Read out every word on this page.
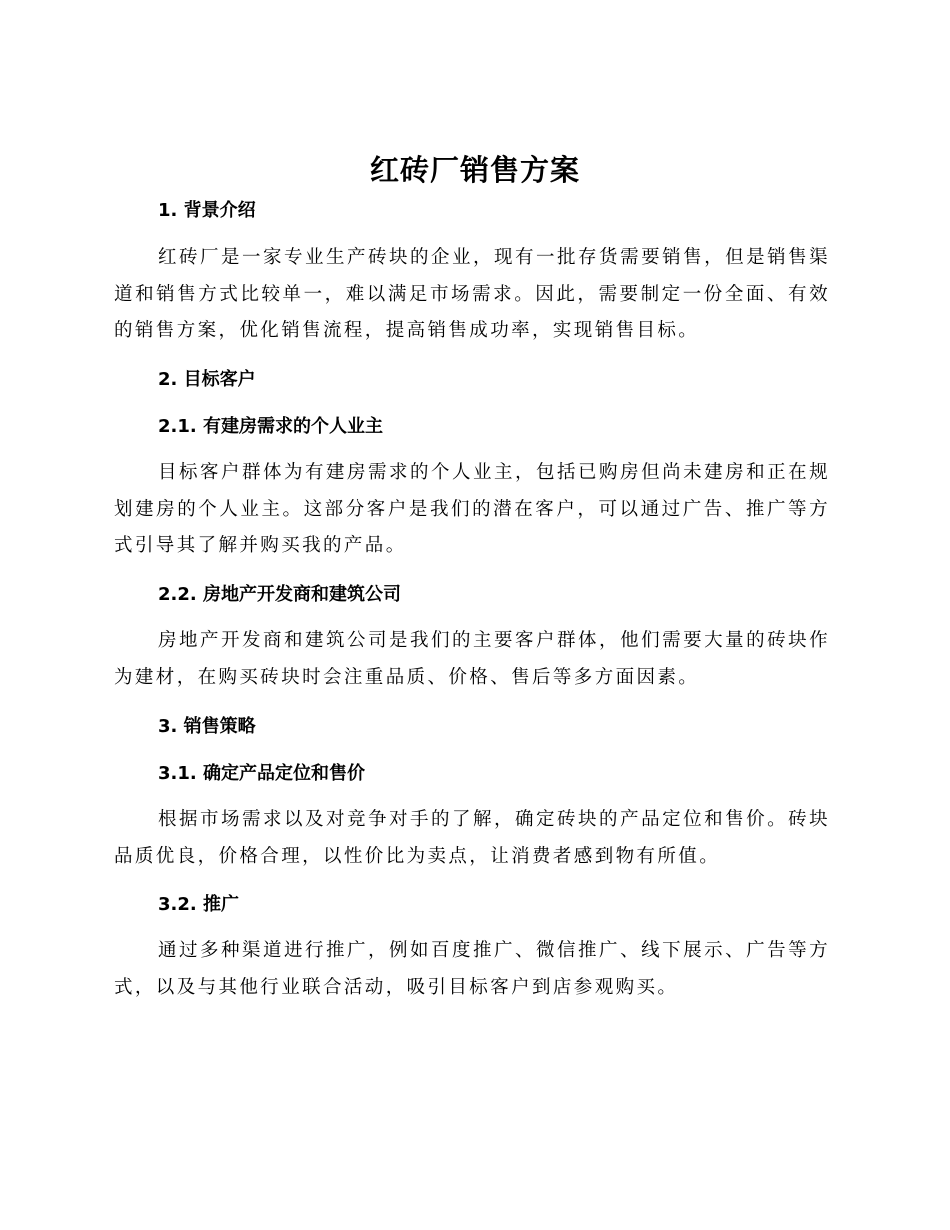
红砖厂销售方案
1. 背景介绍
红砖厂是一家专业生产砖块的企业，现有一批存货需要销售，但是销售渠道和销售方式比较单一，难以满足市场需求。因此，需要制定一份全面、有效的销售方案，优化销售流程，提高销售成功率，实现销售目标。
2. 目标客户
2.1. 有建房需求的个人业主
目标客户群体为有建房需求的个人业主，包括已购房但尚未建房和正在规划建房的个人业主。这部分客户是我们的潜在客户，可以通过广告、推广等方式引导其了解并购买我的产品。
2.2. 房地产开发商和建筑公司
房地产开发商和建筑公司是我们的主要客户群体，他们需要大量的砖块作为建材，在购买砖块时会注重品质、价格、售后等多方面因素。
3. 销售策略
3.1. 确定产品定位和售价
根据市场需求以及对竞争对手的了解，确定砖块的产品定位和售价。砖块品质优良，价格合理，以性价比为卖点，让消费者感到物有所值。
3.2. 推广
通过多种渠道进行推广，例如百度推广、微信推广、线下展示、广告等方式，以及与其他行业联合活动，吸引目标客户到店参观购买。
